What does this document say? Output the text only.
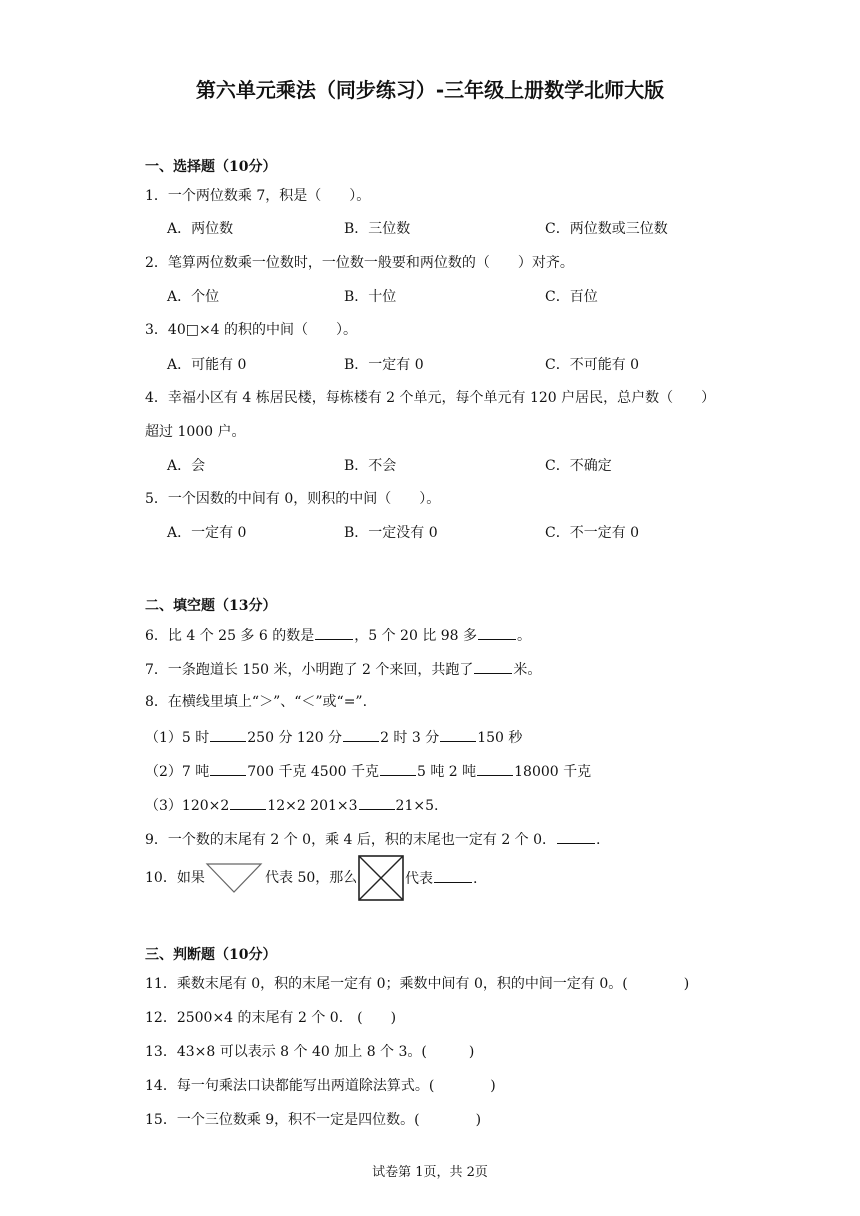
第六单元乘法（同步练习）-三年级上册数学北师大版
一、选择题（10分）
1．一个两位数乘 7，积是（　　）。
A．两位数	B．三位数	C．两位数或三位数
2．笔算两位数乘一位数时，一位数一般要和两位数的（　　）对齐。
A．个位	B．十位	C．百位
3．40□×4 的积的中间（　　）。
A．可能有 0	B．一定有 0	C．不可能有 0
4．幸福小区有 4 栋居民楼，每栋楼有 2 个单元，每个单元有 120 户居民，总户数（　　）
超过 1000 户。
A．会	B．不会	C．不确定
5．一个因数的中间有 0，则积的中间（　　）。
A．一定有 0	B．一定没有 0	C．不一定有 0
二、填空题（13分）
6．比 4 个 25 多 6 的数是	，5 个 20 比 98 多	。
7．一条跑道长 150 米，小明跑了 2 个来回，共跑了	米。
8．在横线里填上“＞”、“＜”或“=”.
（1）5 时	250 分 120 分	2 时 3 分	150 秒
（2）7 吨	700 千克 4500 千克	5 吨 2 吨	18000 千克
（3）120×2	12×2 201×3	21×5.
9．一个数的末尾有 2 个 0，乘 4 后，积的末尾也一定有 2 个 0．	.
10．如果	代表 50，那么	代表	.
三、判断题（10分）
11．乘数末尾有 0，积的末尾一定有 0；乘数中间有 0，积的中间一定有 0。(　　　　)
12．2500×4 的末尾有 2 个 0． (　　)
13．43×8 可以表示 8 个 40 加上 8 个 3。(　　　)
14．每一句乘法口诀都能写出两道除法算式。(　　　　)
15．一个三位数乘 9，积不一定是四位数。(　　　　)
试卷第 1页，共 2页
